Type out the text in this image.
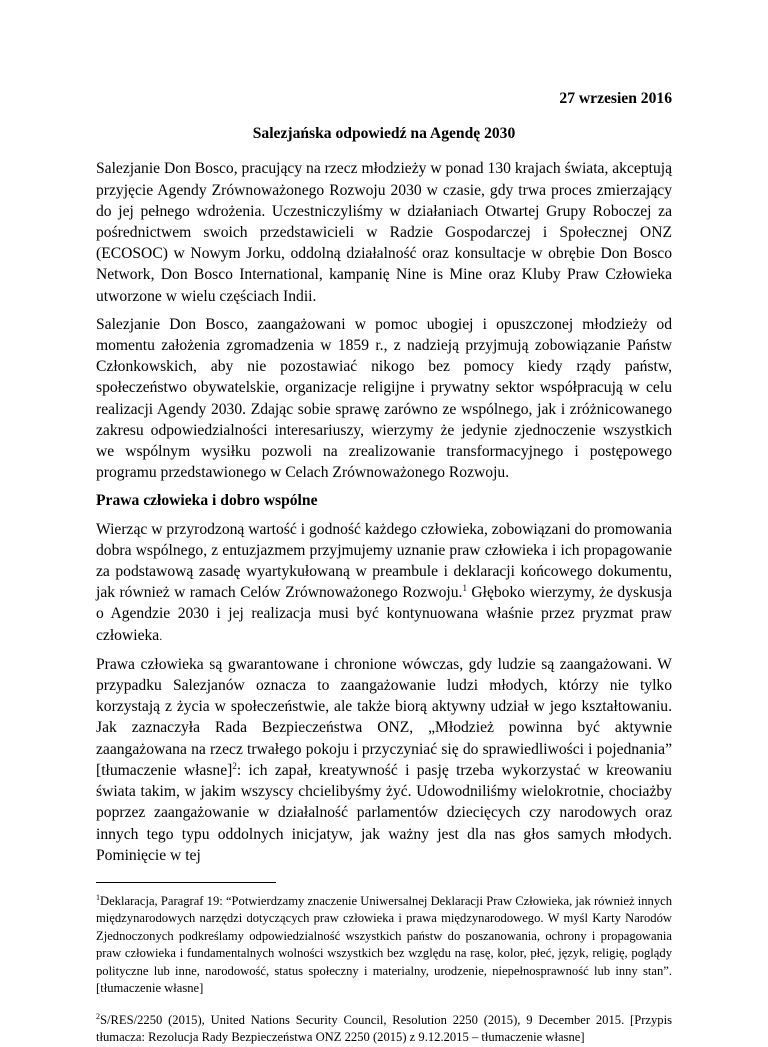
27 wrzesien 2016

Salezjańska odpowiedź na Agendę 2030

Salezjanie Don Bosco, pracujący na rzecz młodzieży w ponad 130 krajach świata, akceptują przyjęcie Agendy Zrównoważonego Rozwoju 2030 w czasie, gdy trwa proces zmierzający do jej pełnego wdrożenia. Uczestniczyliśmy w działaniach Otwartej Grupy Roboczej za pośrednictwem swoich przedstawicieli w Radzie Gospodarczej i Społecznej ONZ (ECOSOC) w Nowym Jorku, oddolną działalność oraz konsultacje w obrębie Don Bosco Network, Don Bosco International, kampanię Nine is Mine oraz Kluby Praw Człowieka utworzone w wielu częściach Indii.

Salezjanie Don Bosco, zaangażowani w pomoc ubogiej i opuszczonej młodzieży od momentu założenia zgromadzenia w 1859 r., z nadzieją przyjmują zobowiązanie Państw Członkowskich, aby nie pozostawiać nikogo bez pomocy kiedy rządy państw, społeczeństwo obywatelskie, organizacje religijne i prywatny sektor współpracują w celu realizacji Agendy 2030. Zdając sobie sprawę zarówno ze wspólnego, jak i zróżnicowanego zakresu odpowiedzialności interesariuszy, wierzymy że jedynie zjednoczenie wszystkich we wspólnym wysiłku pozwoli na zrealizowanie transformacyjnego i postępowego programu przedstawionego w Celach Zrównoważonego Rozwoju.

Prawa człowieka i dobro wspólne

Wierząc w przyrodzoną wartość i godność każdego człowieka, zobowiązani do promowania dobra wspólnego, z entuzjazmem przyjmujemy uznanie praw człowieka i ich propagowanie za podstawową zasadę wyartykułowaną w preambule i deklaracji końcowego dokumentu, jak również w ramach Celów Zrównoważonego Rozwoju.$^1$ Głęboko wierzymy, że dyskusja o Agendzie 2030 i jej realizacja musi być kontynuowana właśnie przez pryzmat praw człowieka.

Prawa człowieka są gwarantowane i chronione wówczas, gdy ludzie są zaangażowani. W przypadku Salezjanów oznacza to zaangażowanie ludzi młodych, którzy nie tylko korzystają z życia w społeczeństwie, ale także biorą aktywny udział w jego kształtowaniu. Jak zaznaczyła Rada Bezpieczeństwa ONZ, „Młodzież powinna być aktywnie zaangażowana na rzecz trwałego pokoju i przyczyniać się do sprawiedliwości i pojednania” [tłumaczenie własne]$^2$: ich zapał, kreatywność i pasję trzeba wykorzystać w kreowaniu świata takim, w jakim wszyscy chcielibyśmy żyć. Udowodniliśmy wielokrotnie, chociażby poprzez zaangażowanie w działalność parlamentów dziecięcych czy narodowych oraz innych tego typu oddolnych inicjatyw, jak ważny jest dla nas głos samych młodych. Pominięcie w tej

$^1$Deklaracja, Paragraf 19: “Potwierdzamy znaczenie Uniwersalnej Deklaracji Praw Człowieka, jak również innych międzynarodowych narzędzi dotyczących praw człowieka i prawa międzynarodowego. W myśl Karty Narodów Zjednoczonych podkreślamy odpowiedzialność wszystkich państw do poszanowania, ochrony i propagowania praw człowieka i fundamentalnych wolności wszystkich bez względu na rasę, kolor, płeć, język, religię, poglądy polityczne lub inne, narodowość, status społeczny i materialny, urodzenie, niepełnosprawność lub inny stan”. [tłumaczenie własne]

$^2$S/RES/2250 (2015), United Nations Security Council, Resolution 2250 (2015), 9 December 2015. [Przypis tłumacza: Rezolucja Rady Bezpieczeństwa ONZ 2250 (2015) z 9.12.2015 – tłumaczenie własne]
